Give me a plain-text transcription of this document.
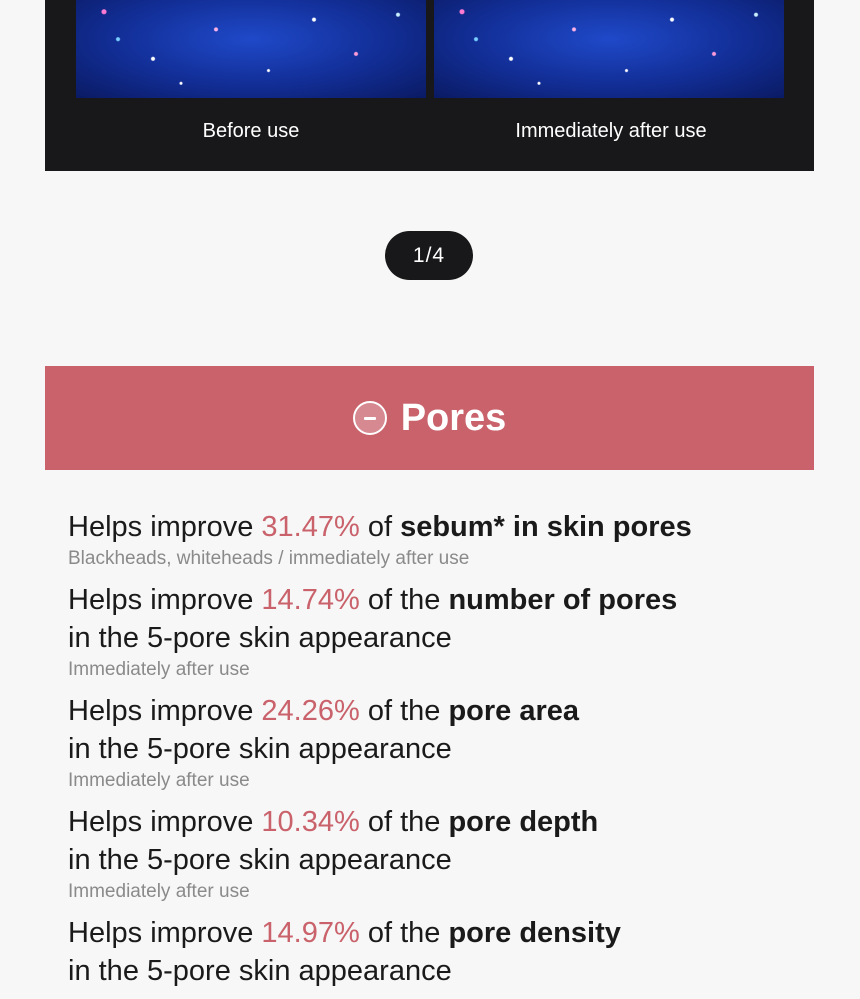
Before use	Immediately after use
1/4
Pores
Helps improve 31.47% of sebum* in skin pores
Blackheads, whiteheads / immediately after use
Helps improve 14.74% of the number of pores
in the 5-pore skin appearance
Immediately after use
Helps improve 24.26% of the pore area
in the 5-pore skin appearance
Immediately after use
Helps improve 10.34% of the pore depth
in the 5-pore skin appearance
Immediately after use
Helps improve 14.97% of the pore density
in the 5-pore skin appearance
